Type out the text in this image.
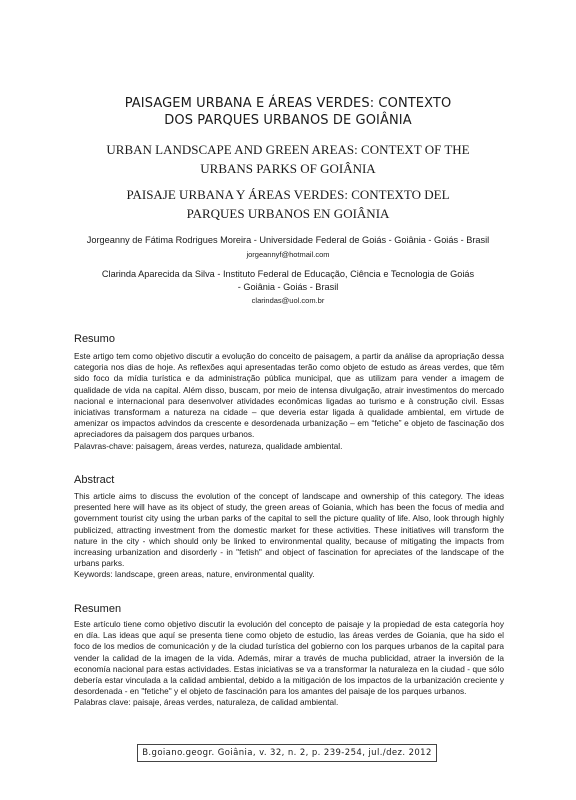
PAISAGEM URBANA E ÁREAS VERDES: CONTEXTO
DOS PARQUES URBANOS DE GOIÂNIA
URBAN LANDSCAPE AND GREEN AREAS: CONTEXT OF THE
URBANS PARKS OF GOIÂNIA
PAISAJE URBANA Y ÁREAS VERDES: CONTEXTO DEL
PARQUES URBANOS EN GOIÂNIA
Jorgeanny de Fátima Rodrigues Moreira - Universidade Federal de Goiás - Goiânia - Goiás - Brasil
jorgeannyf@hotmail.com
Clarinda Aparecida da Silva - Instituto Federal de Educação, Ciência e Tecnologia de Goiás
- Goiânia - Goiás - Brasil
clarindas@uol.com.br
Resumo
Este artigo tem como objetivo discutir a evolução do conceito de paisagem, a partir da análise da apropriação dessa categoria nos dias de hoje. As reflexões aqui apresentadas terão como objeto de estudo as áreas verdes, que têm sido foco da mídia turística e da administração pública municipal, que as utilizam para vender a imagem de qualidade de vida na capital. Além disso, buscam, por meio de intensa divulgação, atrair investimentos do mercado nacional e internacional para desenvolver atividades econômicas ligadas ao turismo e à construção civil. Essas iniciativas transformam a natureza na cidade – que deveria estar ligada à qualidade ambiental, em virtude de amenizar os impactos advindos da crescente e desordenada urbanização – em “fetiche” e objeto de fascinação dos apreciadores da paisagem dos parques urbanos.
Palavras-chave: paisagem, áreas verdes, natureza, qualidade ambiental.
Abstract
This article aims to discuss the evolution of the concept of landscape and ownership of this category. The ideas presented here will have as its object of study, the green areas of Goiania, which has been the focus of media and government tourist city using the urban parks of the capital to sell the picture quality of life. Also, look through highly publicized, attracting investment from the domestic market for these activities. These initiatives will transform the nature in the city - which should only be linked to environmental quality, because of mitigating the impacts from increasing urbanization and disorderly - in "fetish" and object of fascination for apreciates of the landscape of the urbans parks.
Keywords: landscape, green areas, nature, environmental quality.
Resumen
Este artículo tiene como objetivo discutir la evolución del concepto de paisaje y la propiedad de esta categoría hoy en día. Las ideas que aquí se presenta tiene como objeto de estudio, las áreas verdes de Goiania, que ha sido el foco de los medios de comunicación y de la ciudad turística del gobierno con los parques urbanos de la capital para vender la calidad de la imagen de la vida. Además, mirar a través de mucha publicidad, atraer la inversión de la economía nacional para estas actividades. Estas iniciativas se va a transformar la naturaleza en la ciudad - que sólo debería estar vinculada a la calidad ambiental, debido a la mitigación de los impactos de la urbanización creciente y desordenada - en "fetiche" y el objeto de fascinación para los amantes del paisaje de los parques urbanos.
Palabras clave: paisaje, áreas verdes, naturaleza, de calidad ambiental.
B.goiano.geogr. Goiânia, v. 32, n. 2, p. 239-254, jul./dez. 2012
